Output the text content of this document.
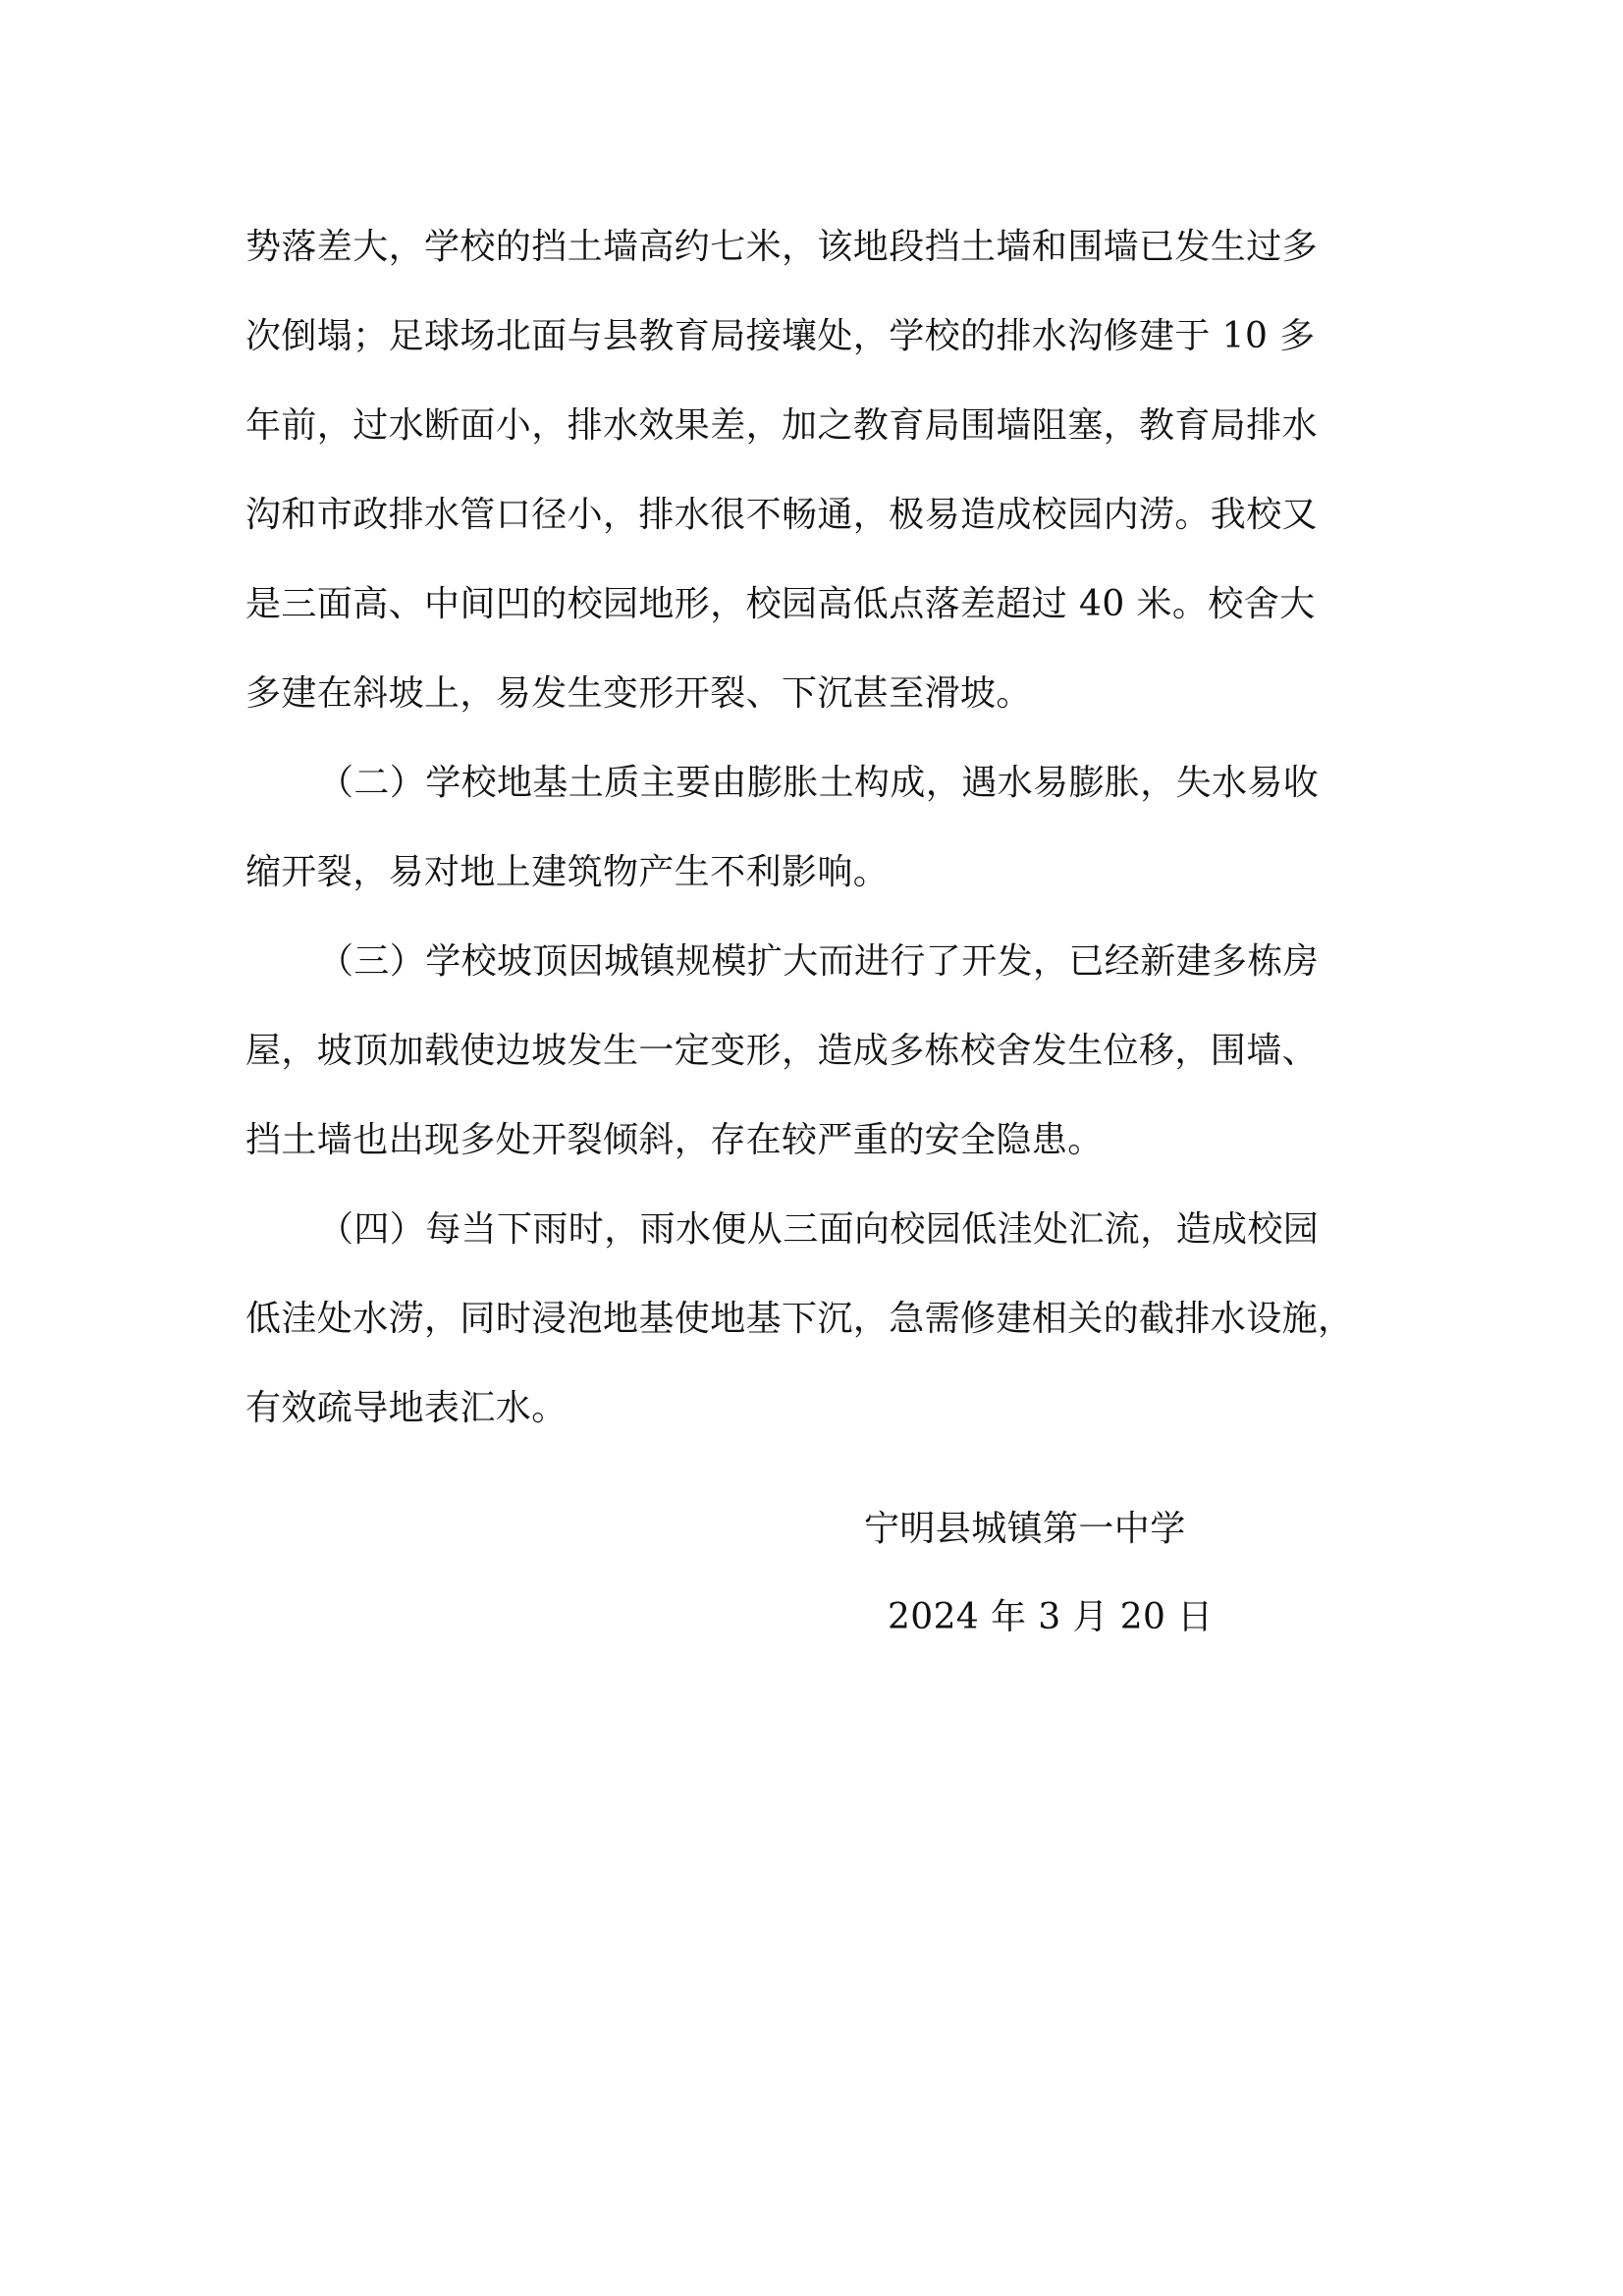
势落差大，学校的挡土墙高约七米，该地段挡土墙和围墙已发生过多
次倒塌；足球场北面与县教育局接壤处，学校的排水沟修建于 10 多
年前，过水断面小，排水效果差，加之教育局围墙阻塞，教育局排水
沟和市政排水管口径小，排水很不畅通，极易造成校园内涝。我校又
是三面高、中间凹的校园地形，校园高低点落差超过 40 米。校舍大
多建在斜坡上，易发生变形开裂、下沉甚至滑坡。
（二）学校地基土质主要由膨胀土构成，遇水易膨胀，失水易收
缩开裂，易对地上建筑物产生不利影响。
（三）学校坡顶因城镇规模扩大而进行了开发，已经新建多栋房
屋，坡顶加载使边坡发生一定变形，造成多栋校舍发生位移，围墙、
挡土墙也出现多处开裂倾斜，存在较严重的安全隐患。
（四）每当下雨时，雨水便从三面向校园低洼处汇流，造成校园
低洼处水涝，同时浸泡地基使地基下沉，急需修建相关的截排水设施，
有效疏导地表汇水。
宁明县城镇第一中学
2024 年 3 月 20 日
